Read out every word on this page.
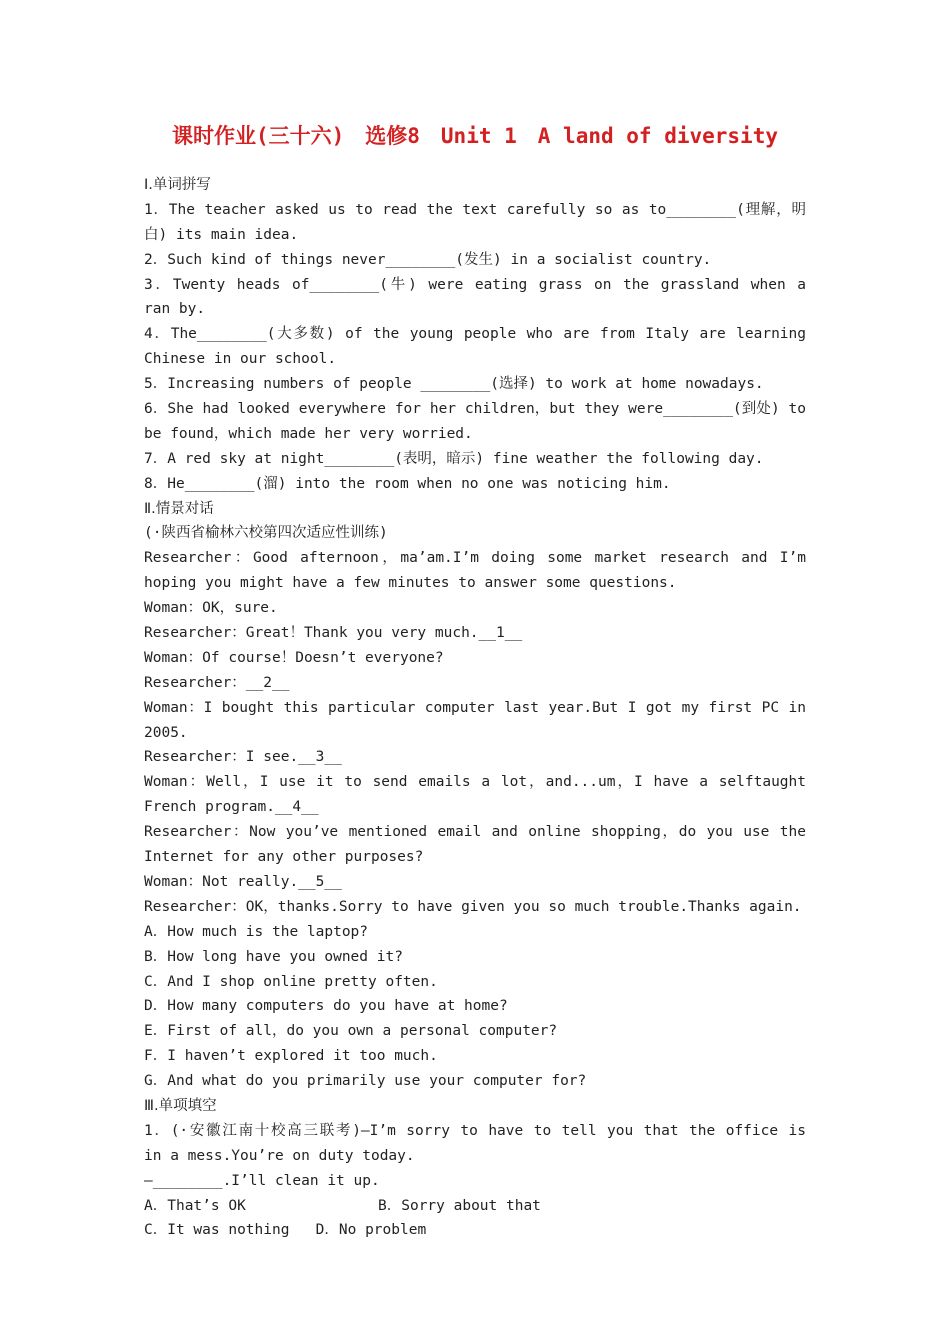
课时作业(三十六)　选修8　Unit 1　A land of diversity
Ⅰ.单词拼写
1．The teacher asked us to read the text carefully so as to________(理解，明
白) its main idea.
2．Such kind of things never________(发生) in a socialist country.
3．Twenty heads of________(牛) were eating grass on the grassland when a
ran by.
4．The________(大多数) of the young people who are from Italy are learning
Chinese in our school.
5．Increasing numbers of people ________(选择) to work at home nowadays.
6．She had looked everywhere for her children，but they were________(到处) to
be found，which made her very worried.
7．A red sky at night________(表明，暗示) fine weather the following day.
8．He________(溜) into the room when no one was noticing him.
Ⅱ.情景对话
(·陕西省榆林六校第四次适应性训练)
Researcher：Good afternoon，ma’am.I’m doing some market research and I’m
hoping you might have a few minutes to answer some questions.
Woman：OK，sure.
Researcher：Great！Thank you very much.__1__
Woman：Of course！Doesn’t everyone?
Researcher：__2__
Woman：I bought this particular computer last year.But I got my first PC in
2005.
Researcher：I see.__3__
Woman：Well，I use it to send emails a lot，and...um，I have a selftaught
French program.__4__
Researcher：Now you’ve mentioned email and online shopping，do you use the
Internet for any other purposes?
Woman：Not really.__5__
Researcher：OK，thanks.Sorry to have given you so much trouble.Thanks again.
A．How much is the laptop?
B．How long have you owned it?
C．And I shop online pretty often.
D．How many computers do you have at home?
E．First of all，do you own a personal computer?
F．I haven’t explored it too much.
G．And what do you primarily use your computer for?
Ⅲ.单项填空
1．(·安徽江南十校高三联考)—I’m sorry to have to tell you that the office is
in a mess.You’re on duty today.
—________.I’ll clean it up.
A．That’s OK	B．Sorry about that
C．It was nothing D．No problem
